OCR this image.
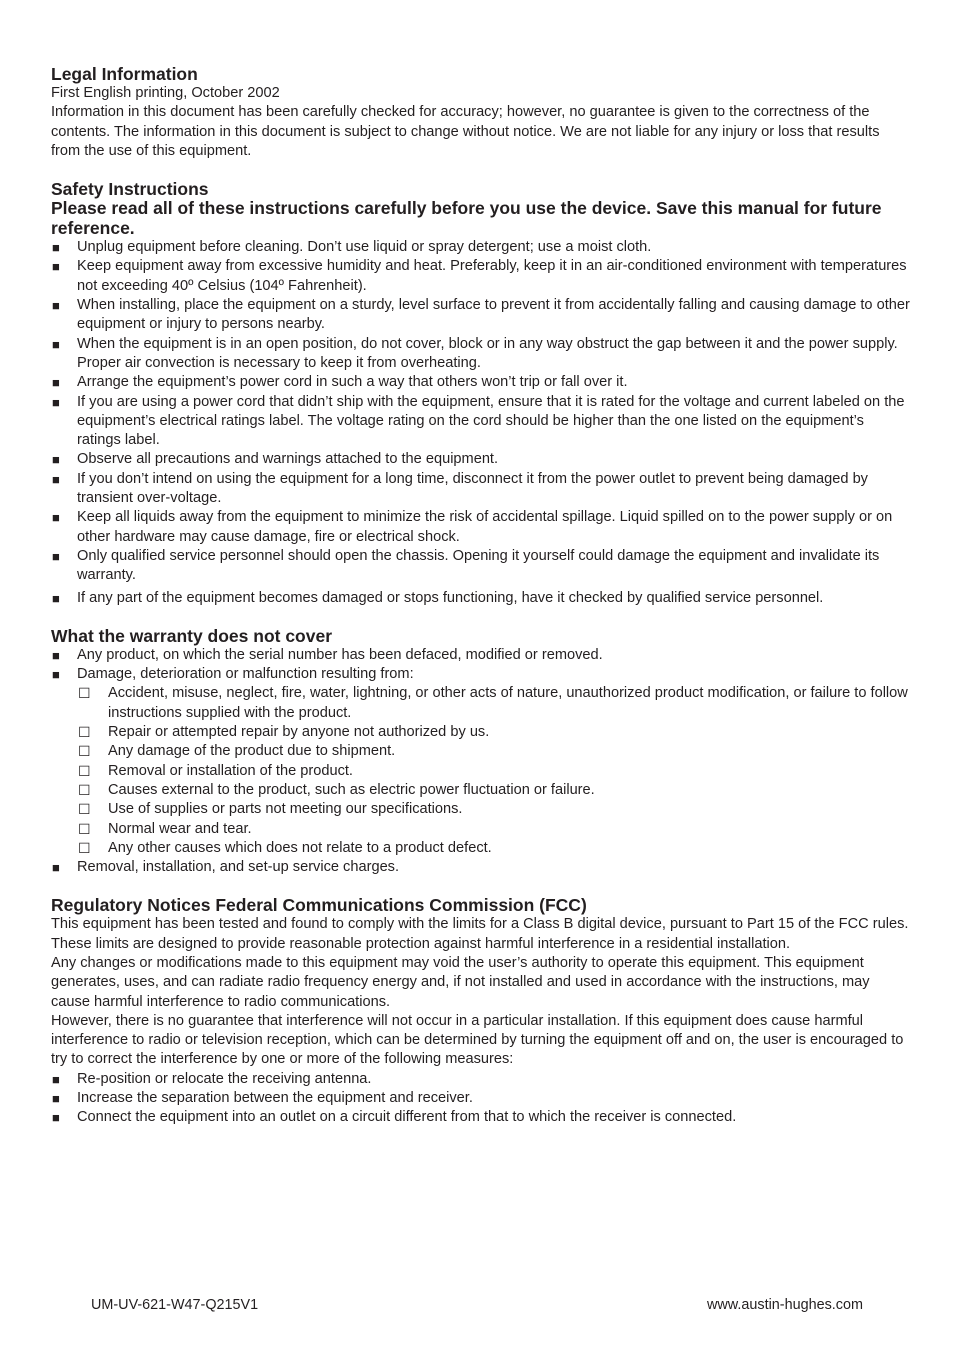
Legal Information

First English printing, October 2002

Information in this document has been carefully checked for accuracy; however, no guarantee is given to the correctness of the contents. The information in this document is subject to change without notice. We are not liable for any injury or loss that results from the use of this equipment.

Safety Instructions
Please read all of these instructions carefully before you use the device. Save this manual for future reference.
■	Unplug equipment before cleaning. Don’t use liquid or spray detergent; use a moist cloth.
■	Keep equipment away from excessive humidity and heat. Preferably, keep it in an air-conditioned environment with temperatures not exceeding 40º Celsius (104º Fahrenheit).
■	When installing, place the equipment on a sturdy, level surface to prevent it from accidentally falling and causing damage to other equipment or injury to persons nearby.
■	When the equipment is in an open position, do not cover, block or in any way obstruct the gap between it and the power supply. Proper air convection is necessary to keep it from overheating.
■	Arrange the equipment’s power cord in such a way that others won’t trip or fall over it.
■	If you are using a power cord that didn’t ship with the equipment, ensure that it is rated for the voltage and current labeled on the equipment’s electrical ratings label. The voltage rating on the cord should be higher than the one listed on the equipment’s ratings label.
■	Observe all precautions and warnings attached to the equipment.
■	If you don’t intend on using the equipment for a long time, disconnect it from the power outlet to prevent being damaged by transient over-voltage.
■	Keep all liquids away from the equipment to minimize the risk of accidental spillage. Liquid spilled on to the power supply or on other hardware may cause damage, fire or electrical shock.
■	Only qualified service personnel should open the chassis. Opening it yourself could damage the equipment and invalidate its warranty.
■	If any part of the equipment becomes damaged or stops functioning, have it checked by qualified service personnel.
What the warranty does not cover
■	Any product, on which the serial number has been defaced, modified or removed.
■	Damage, deterioration or malfunction resulting from:
☐	Accident, misuse, neglect, fire, water, lightning, or other acts of nature, unauthorized product modification, or failure to follow instructions supplied with the product.
☐	Repair or attempted repair by anyone not authorized by us.
☐	Any damage of the product due to shipment.
☐	Removal or installation of the product.
☐	Causes external to the product, such as electric power fluctuation or failure.
☐	Use of supplies or parts not meeting our specifications.
☐	Normal wear and tear.
☐	Any other causes which does not relate to a product defect.
■	Removal, installation, and set-up service charges.
Regulatory Notices Federal Communications Commission (FCC)

This equipment has been tested and found to comply with the limits for a Class B digital device, pursuant to Part 15 of the FCC rules. These limits are designed to provide reasonable protection against harmful interference in a residential installation.

Any changes or modifications made to this equipment may void the user’s authority to operate this equipment. This equipment generates, uses, and can radiate radio frequency energy and, if not installed and used in accordance with the instructions, may cause harmful interference to radio communications.

However, there is no guarantee that interference will not occur in a particular installation. If this equipment does cause harmful interference to radio or television reception, which can be determined by turning the equipment off and on, the user is encouraged to try to correct the interference by one or more of the following measures:

■	Re-position or relocate the receiving antenna.
■	Increase the separation between the equipment and receiver.
■	Connect the equipment into an outlet on a circuit different from that to which the receiver is connected.
UM-UV-621-W47-Q215V1	www.austin-hughes.com
